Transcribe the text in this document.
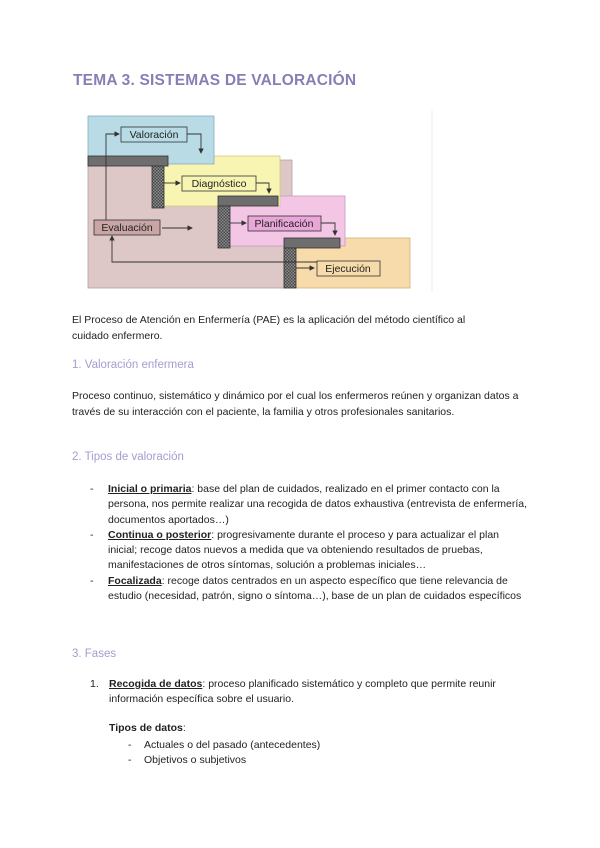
TEMA 3. SISTEMAS DE VALORACIÓN
Valoración
Diagnóstico
Planificación
Ejecución
Evaluación
El Proceso de Atención en Enfermería (PAE) es la aplicación del método científico al cuidado enfermero.
1. Valoración enfermera
Proceso continuo, sistemático y dinámico por el cual los enfermeros reúnen y organizan datos a través de su interacción con el paciente, la familia y otros profesionales sanitarios.
2. Tipos de valoración
- Inicial o primaria: base del plan de cuidados, realizado en el primer contacto con la persona, nos permite realizar una recogida de datos exhaustiva (entrevista de enfermería, documentos aportados…)
- Continua o posterior: progresivamente durante el proceso y para actualizar el plan inicial; recoge datos nuevos a medida que va obteniendo resultados de pruebas, manifestaciones de otros síntomas, solución a problemas iniciales…
- Focalizada: recoge datos centrados en un aspecto específico que tiene relevancia de estudio (necesidad, patrón, signo o síntoma…), base de un plan de cuidados específicos
3. Fases
1. Recogida de datos: proceso planificado sistemático y completo que permite reunir información específica sobre el usuario.
Tipos de datos:
- Actuales o del pasado (antecedentes)
- Objetivos o subjetivos
